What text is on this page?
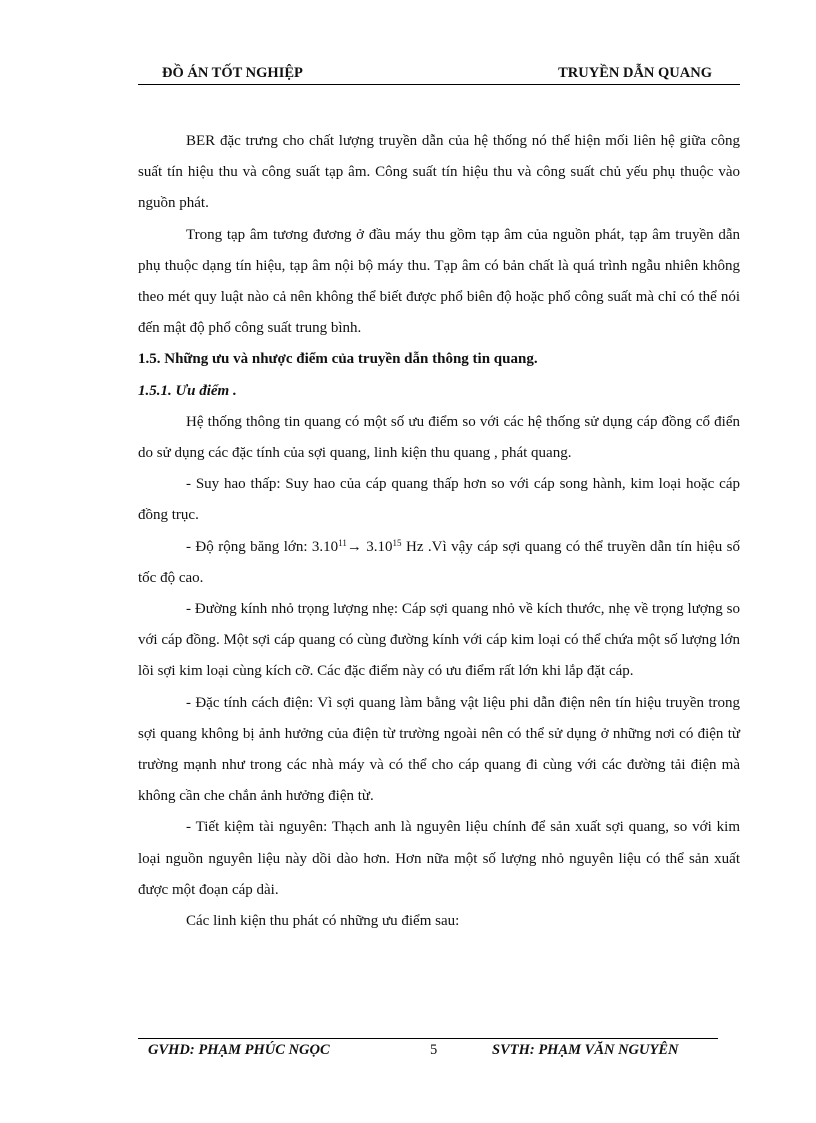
ĐỒ ÁN TỐT NGHIỆP	TRUYỀN DẪN QUANG

BER đặc trưng cho chất lượng truyền dẫn của hệ thống nó thể hiện mối liên hệ giữa công suất tín hiệu thu và công suất tạp âm. Công suất tín hiệu thu và công suất chủ yếu phụ thuộc vào nguồn phát.

Trong tạp âm tương đương ở đầu máy thu gồm tạp âm của nguồn phát, tạp âm truyền dẫn phụ thuộc dạng tín hiệu, tạp âm nội bộ máy thu. Tạp âm có bản chất là quá trình ngẫu nhiên không theo mét quy luật nào cả nên không thể biết được phổ biên độ hoặc phổ công suất mà chỉ có thể nói đến mật độ phổ công suất trung bình.

1.5. Những ưu và nhược điểm của truyền dẫn thông tin quang.

1.5.1. Ưu điểm .

Hệ thống thông tin quang có một số ưu điểm so với các hệ thống sử dụng cáp đồng cổ điển do sử dụng các đặc tính của sợi quang, linh kiện thu quang , phát quang.

- Suy hao thấp: Suy hao của cáp quang thấp hơn so với cáp song hành, kim loại hoặc cáp đồng trục.

- Độ rộng băng lớn: $3.10^{11}\to 3.10^{15}$ Hz .Vì vậy cáp sợi quang có thể truyền dẫn tín hiệu số tốc độ cao.

- Đường kính nhỏ trọng lượng nhẹ: Cáp sợi quang nhỏ về kích thước, nhẹ về trọng lượng so với cáp đồng. Một sợi cáp quang có cùng đường kính với cáp kim loại có thể chứa một số lượng lớn lõi sợi kim loại cùng kích cỡ. Các đặc điểm này có ưu điểm rất lớn khi lắp đặt cáp.

- Đặc tính cách điện: Vì sợi quang làm bằng vật liệu phi dẫn điện nên tín hiệu truyền trong sợi quang không bị ảnh hưởng của điện từ trường ngoài nên có thể sử dụng ở những nơi có điện từ trường mạnh như trong các nhà máy và có thể cho cáp quang đi cùng với các đường tải điện mà không cần che chắn ảnh hưởng điện từ.

- Tiết kiệm tài nguyên: Thạch anh là nguyên liệu chính để sản xuất sợi quang, so với kim loại nguồn nguyên liệu này dồi dào hơn. Hơn nữa một số lượng nhỏ nguyên liệu có thể sản xuất được một đoạn cáp dài.

Các linh kiện thu phát có những ưu điểm sau:

GVHD: PHẠM PHÚC NGỌC	5	SVTH: PHẠM VĂN NGUYÊN
